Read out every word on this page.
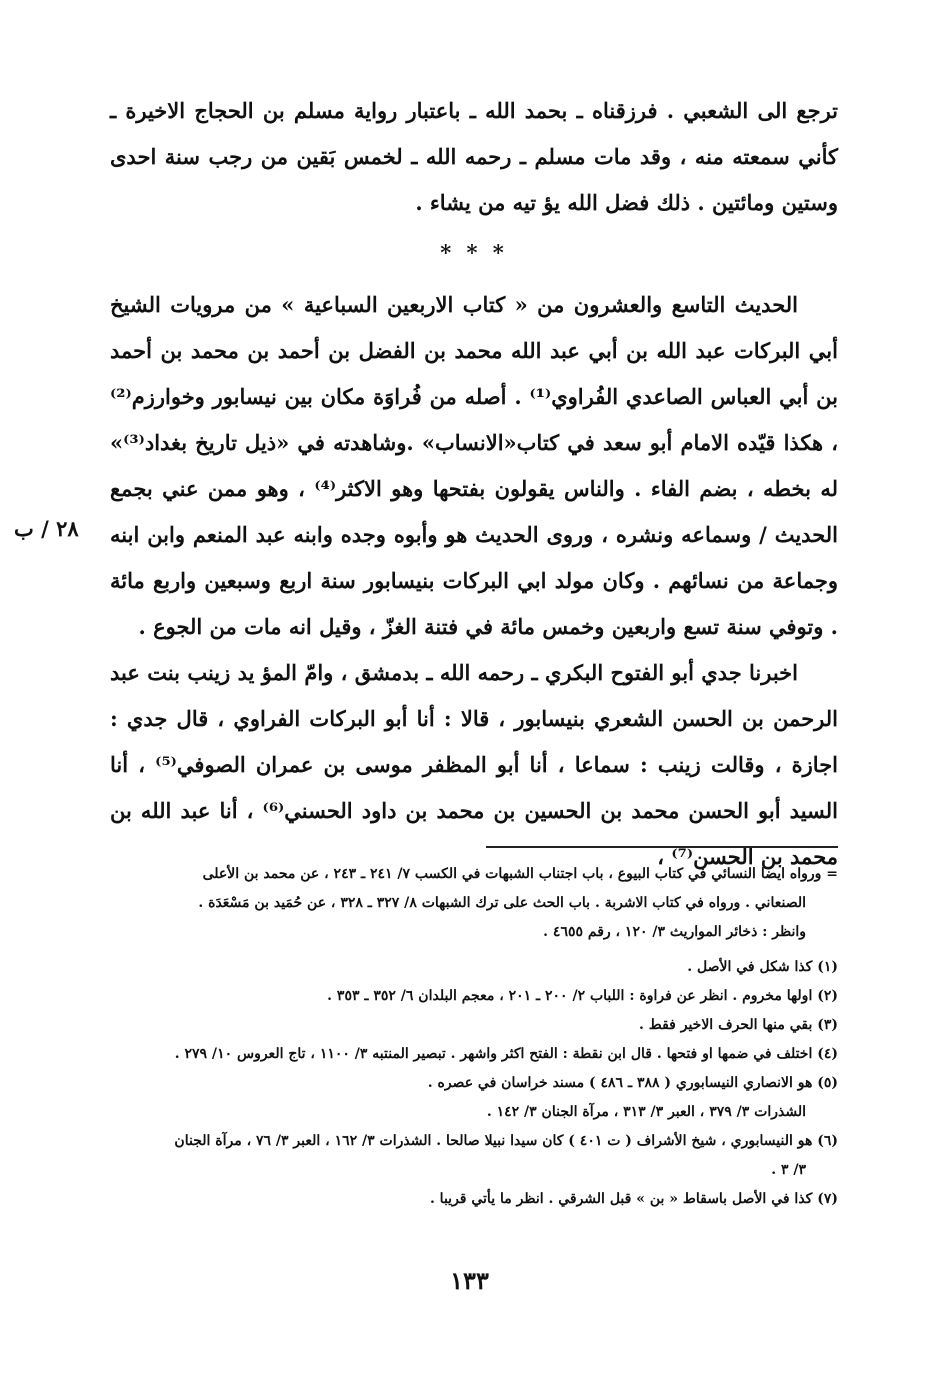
ترجع الى الشعبي . فرزقناه ـ بحمد الله ـ باعتبار رواية مسلم بن الحجاج الاخيرة ـ كأني سمعته منه ، وقد مات مسلم ـ رحمه الله ـ لخمس بَقين من رجب سنة احدى وستين ومائتين . ذلك فضل الله يؤ تيه من يشاء .

* * *

الحديث التاسع والعشرون من « كتاب الاربعين السباعية » من مرويات الشيخ أبي البركات عبد الله بن أبي عبد الله محمد بن الفضل بن أحمد بن محمد بن أحمد بن أبي العباس الصاعدي الفُراوي⁽¹⁾ . أصله من فُراوَة مكان بين نيسابور وخوارزم⁽²⁾ ، هكذا قيّده الامام أبو سعد في كتاب«الانساب» .وشاهدته في «ذيل تاريخ بغداد⁽³⁾» له بخطه ، بضم الفاء . والناس يقولون بفتحها وهو الاكثر⁽⁴⁾ ، وهو ممن عني بجمع الحديث / وسماعه ونشره ، وروى الحديث هو وأبوه وجده وابنه عبد المنعم وابن ابنه وجماعة من نسائهم . وكان مولد ابي البركات بنيسابور سنة اربع وسبعين واربع مائة . وتوفي سنة تسع واربعين وخمس مائة في فتنة الغزّ ، وقيل انه مات من الجوع .

اخبرنا جدي أبو الفتوح البكري ـ رحمه الله ـ بدمشق ، وامّ المؤ يد زينب بنت عبد الرحمن بن الحسن الشعري بنيسابور ، قالا : أنا أبو البركات الفراوي ، قال جدي : اجازة ، وقالت زينب : سماعا ، أنا أبو المظفر موسى بن عمران الصوفي⁽⁵⁾ ، أنا السيد أبو الحسن محمد بن الحسين بن محمد بن داود الحسني⁽⁶⁾ ، أنا عبد الله بن محمد بن الحسن⁽⁷⁾ ،

٢٨ / ب

= ورواه ايضا النسائي في كتاب البيوع ، باب اجتناب الشبهات في الكسب ٧/ ٢٤١ ـ ٢٤٣ ، عن محمد بن الأعلى

الصنعاني . ورواه في كتاب الاشربة . باب الحث على ترك الشبهات ٨/ ٣٢٧ ـ ٣٢٨ ، عن حُمَيد بن مَسْعَدَة .

وانظر : ذخائر المواريث ٣/ ١٢٠ ، رقم ٤٦٥٥ .

(١) كذا شكل في الأصل .

(٢) اولها مخروم . انظر عن فراوة : اللباب ٢/ ٢٠٠ ـ ٢٠١ ، معجم البلدان ٦/ ٣٥٢ ـ ٣٥٣ .

(٣) بقي منها الحرف الاخير فقط .

(٤) اختلف في ضمها او فتحها . قال ابن نقطة : الفتح اكثر واشهر . تبصير المنتبه ٣/ ١١٠٠ ، تاج العروس ١٠/ ٢٧٩ .

(٥) هو الانصاري النيسابوري ( ٣٨٨ ـ ٤٨٦ ) مسند خراسان في عصره .

الشذرات ٣/ ٣٧٩ ، العبر ٣/ ٣١٣ ، مرآة الجنان ٣/ ١٤٢ .

(٦) هو النيسابوري ، شيخ الأشراف ( ت ٤٠١ ) كان سيدا نبيلا صالحا . الشذرات ٣/ ١٦٢ ، العبر ٣/ ٧٦ ، مرآة الجنان

٣/ ٣ .

(٧) كذا في الأصل باسقاط « بن » قبل الشرقي . انظر ما يأتي قريبا .

١٣٣
